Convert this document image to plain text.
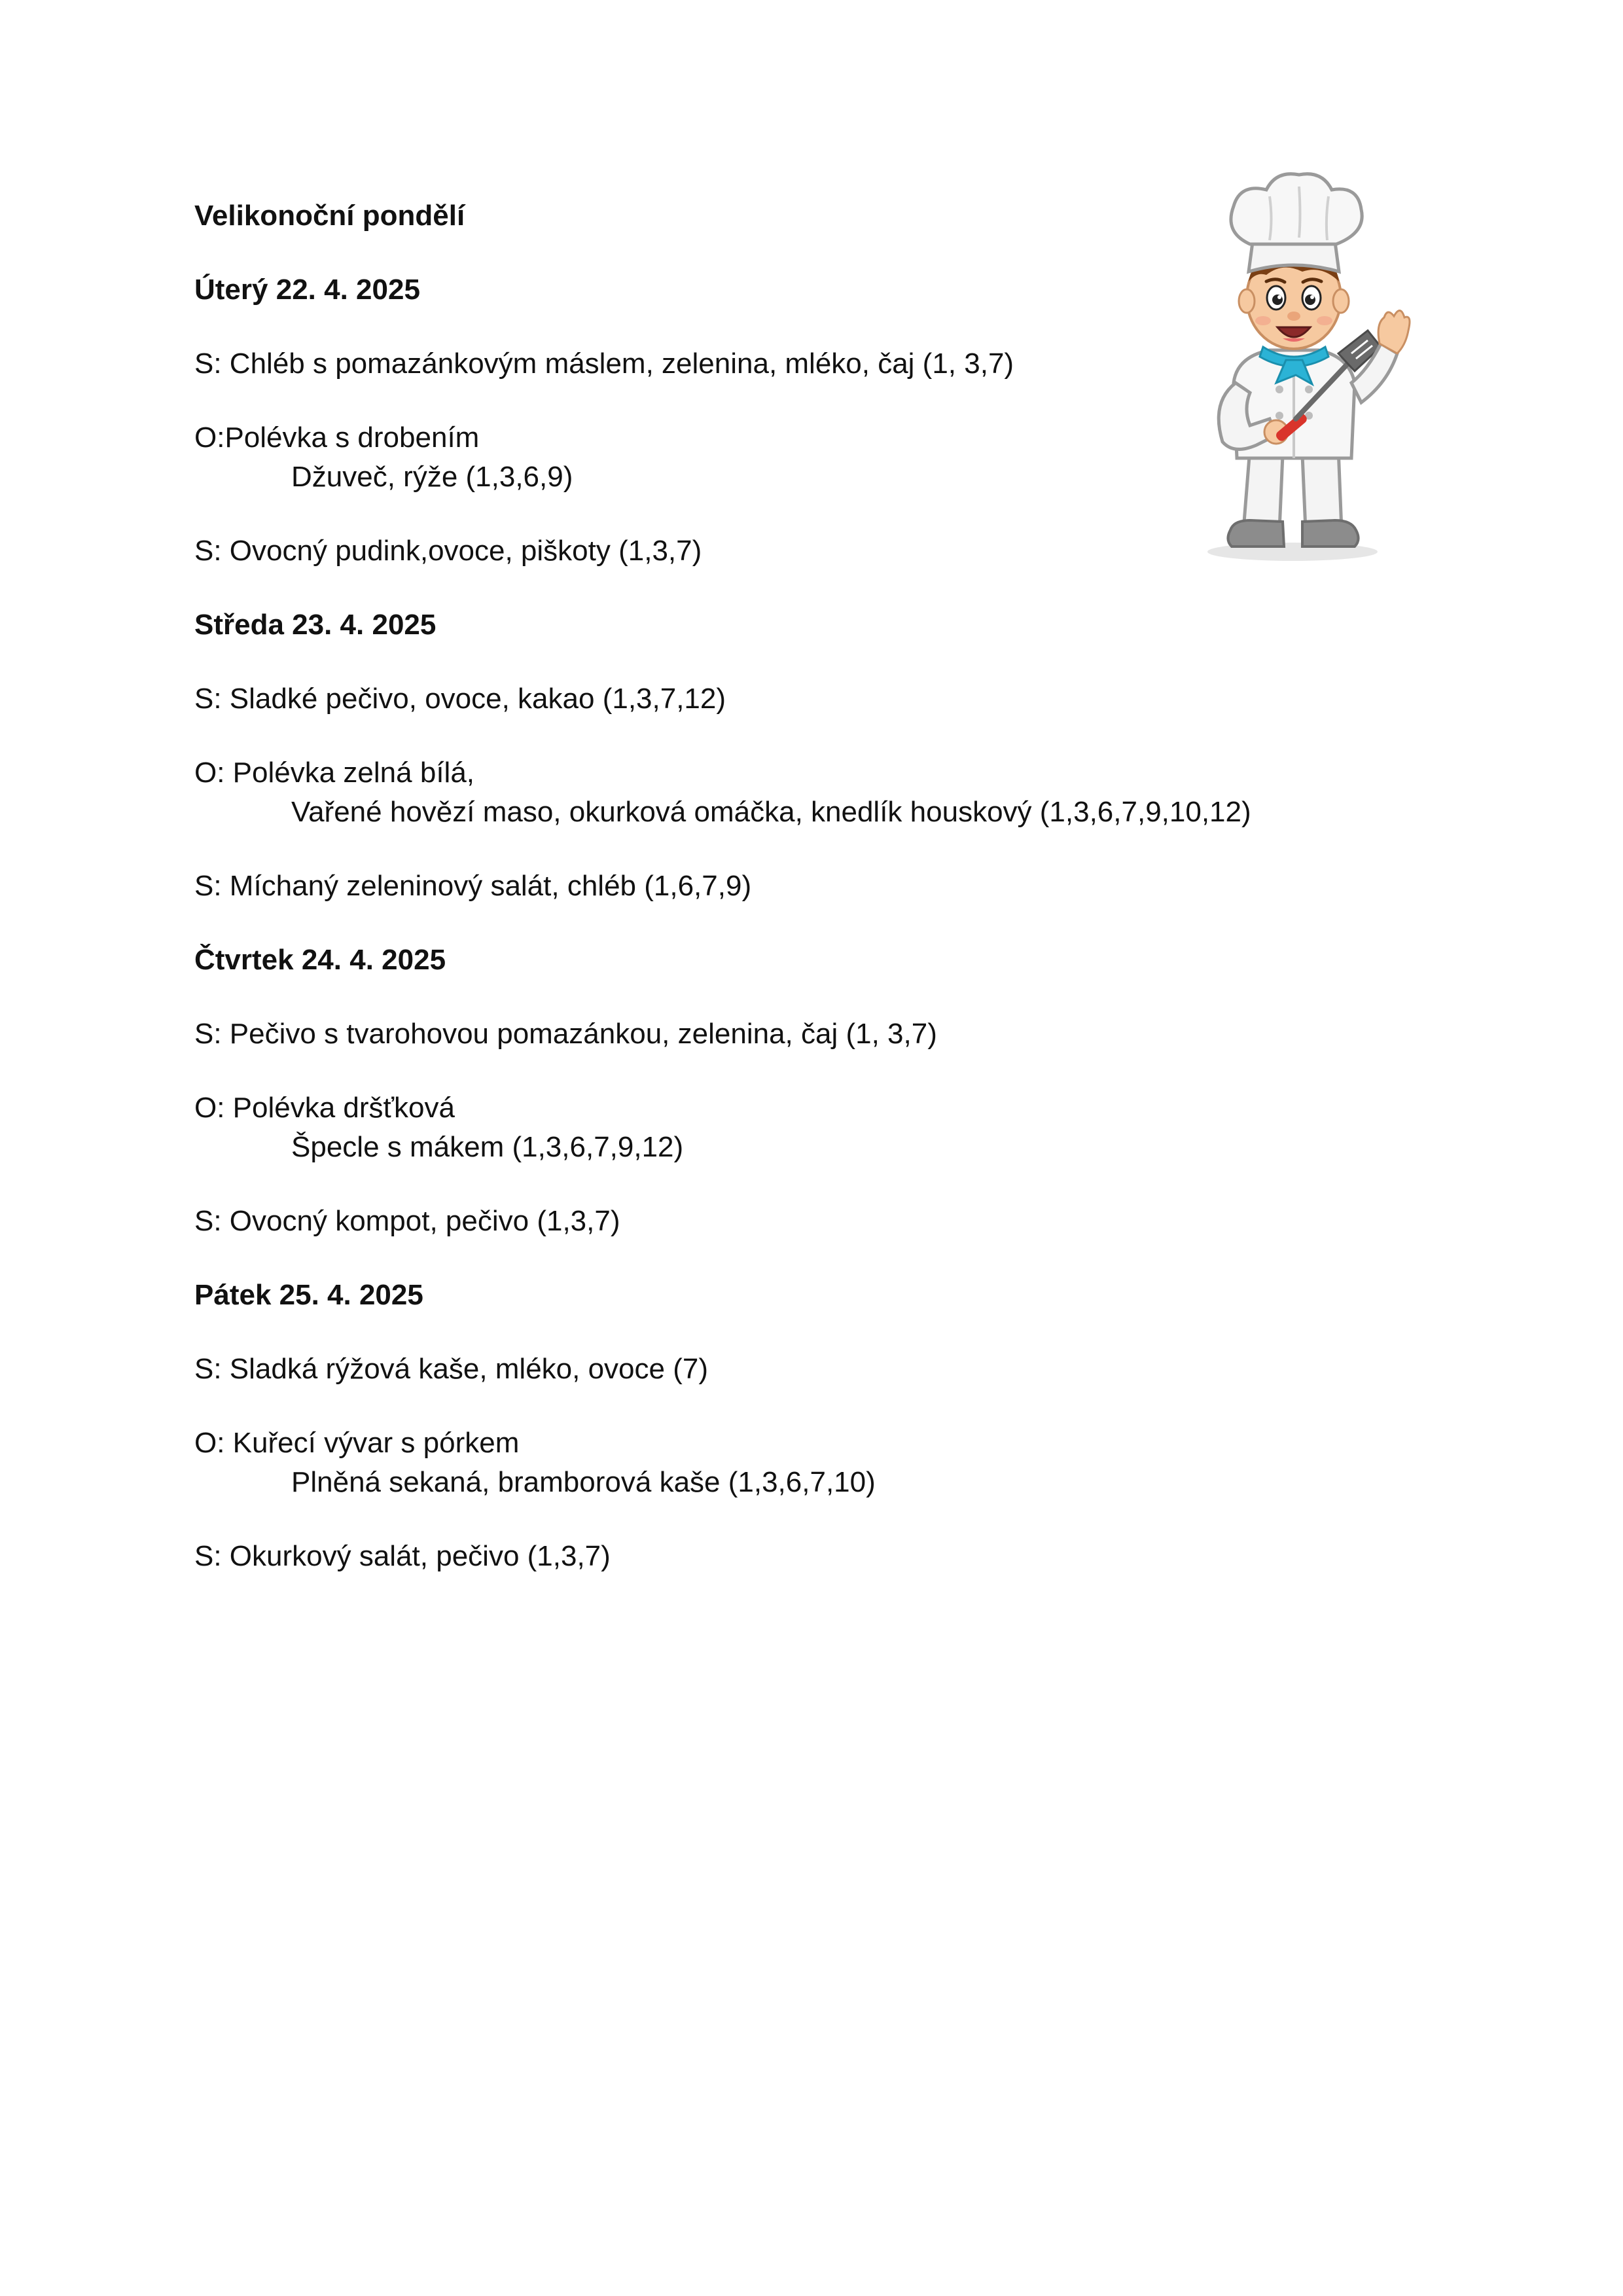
Velikonoční pondělí

Úterý 22. 4. 2025

S: Chléb s pomazánkovým máslem, zelenina, mléko, čaj (1, 3,7)

O:Polévka s drobením
Džuveč, rýže (1,3,6,9)

S: Ovocný pudink,ovoce, piškoty (1,3,7)

Středa 23. 4. 2025

S: Sladké pečivo, ovoce, kakao (1,3,7,12)

O: Polévka zelná bílá,
Vařené hovězí maso, okurková omáčka, knedlík houskový (1,3,6,7,9,10,12)

S: Míchaný zeleninový salát, chléb (1,6,7,9)

Čtvrtek 24. 4. 2025

S: Pečivo s tvarohovou pomazánkou, zelenina, čaj (1, 3,7)

O: Polévka dršťková
Špecle s mákem (1,3,6,7,9,12)

S: Ovocný kompot, pečivo (1,3,7)

Pátek 25. 4. 2025

S: Sladká rýžová kaše, mléko, ovoce (7)

O: Kuřecí vývar s pórkem
Plněná sekaná, bramborová kaše (1,3,6,7,10)

S: Okurkový salát, pečivo (1,3,7)
